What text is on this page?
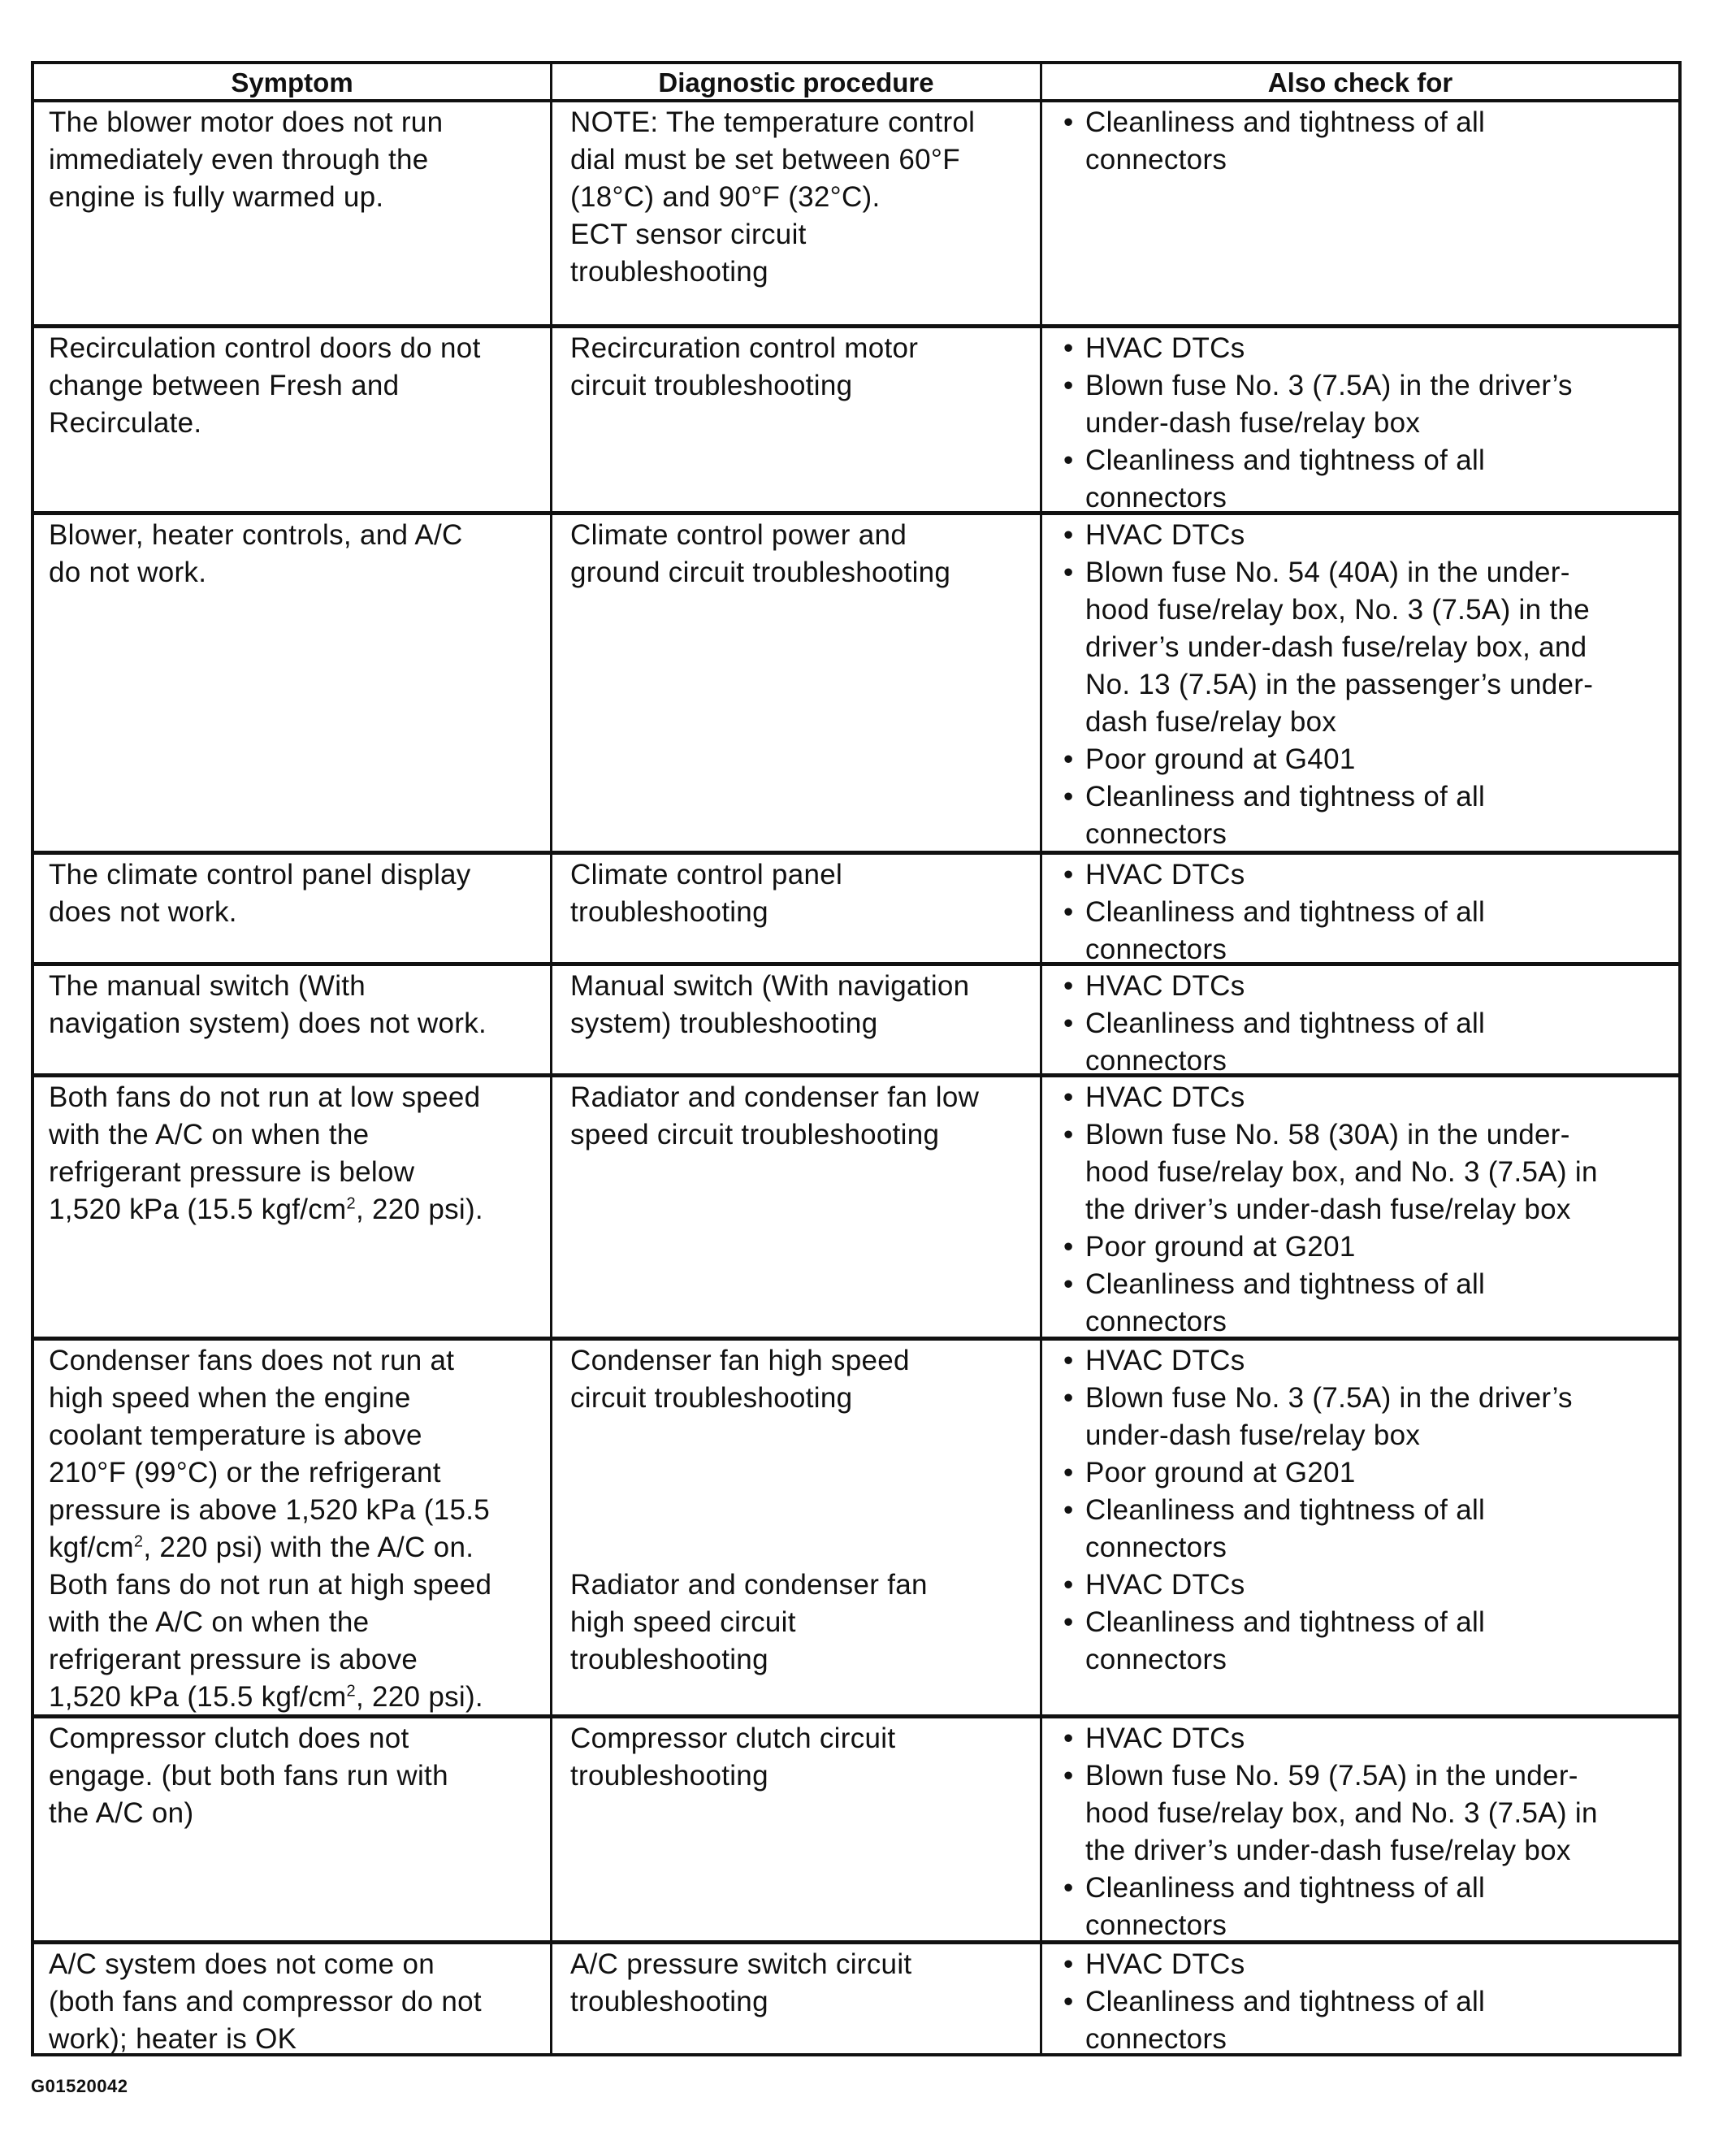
Symptom	Diagnostic procedure	Also check for
The blower motor does not run
immediately even through the
engine is fully warmed up.
NOTE: The temperature control
dial must be set between 60°F
(18°C) and 90°F (32°C).
ECT sensor circuit
troubleshooting
• Cleanliness and tightness of all
connectors
Recirculation control doors do not
change between Fresh and
Recirculate.
Recircuration control motor
circuit troubleshooting
• HVAC DTCs
• Blown fuse No. 3 (7.5A) in the driver’s
under-dash fuse/relay box
• Cleanliness and tightness of all
connectors
Blower, heater controls, and A/C
do not work.
Climate control power and
ground circuit troubleshooting
• HVAC DTCs
• Blown fuse No. 54 (40A) in the under-
hood fuse/relay box, No. 3 (7.5A) in the
driver’s under-dash fuse/relay box, and
No. 13 (7.5A) in the passenger’s under-
dash fuse/relay box
• Poor ground at G401
• Cleanliness and tightness of all
connectors
The climate control panel display
does not work.
Climate control panel
troubleshooting
• HVAC DTCs
• Cleanliness and tightness of all
connectors
The manual switch (With
navigation system) does not work.
Manual switch (With navigation
system) troubleshooting
• HVAC DTCs
• Cleanliness and tightness of all
connectors
Both fans do not run at low speed
with the A/C on when the
refrigerant pressure is below
1,520 kPa (15.5 kgf/$cm^2$, 220 psi).
Radiator and condenser fan low
speed circuit troubleshooting
• HVAC DTCs
• Blown fuse No. 58 (30A) in the under-
hood fuse/relay box, and No. 3 (7.5A) in
the driver’s under-dash fuse/relay box
• Poor ground at G201
• Cleanliness and tightness of all
connectors
Condenser fans does not run at
high speed when the engine
coolant temperature is above
210°F (99°C) or the refrigerant
pressure is above 1,520 kPa (15.5
kgf/$cm^2$, 220 psi) with the A/C on.
Both fans do not run at high speed
with the A/C on when the
refrigerant pressure is above
1,520 kPa (15.5 kgf/$cm^2$, 220 psi).
Condenser fan high speed
circuit troubleshooting
Radiator and condenser fan
high speed circuit
troubleshooting
• HVAC DTCs
• Blown fuse No. 3 (7.5A) in the driver’s
under-dash fuse/relay box
• Poor ground at G201
• Cleanliness and tightness of all
connectors
• HVAC DTCs
• Cleanliness and tightness of all
connectors
Compressor clutch does not
engage. (but both fans run with
the A/C on)
Compressor clutch circuit
troubleshooting
• HVAC DTCs
• Blown fuse No. 59 (7.5A) in the under-
hood fuse/relay box, and No. 3 (7.5A) in
the driver’s under-dash fuse/relay box
• Cleanliness and tightness of all
connectors
A/C system does not come on
(both fans and compressor do not
work); heater is OK
A/C pressure switch circuit
troubleshooting
• HVAC DTCs
• Cleanliness and tightness of all
connectors
G01520042
